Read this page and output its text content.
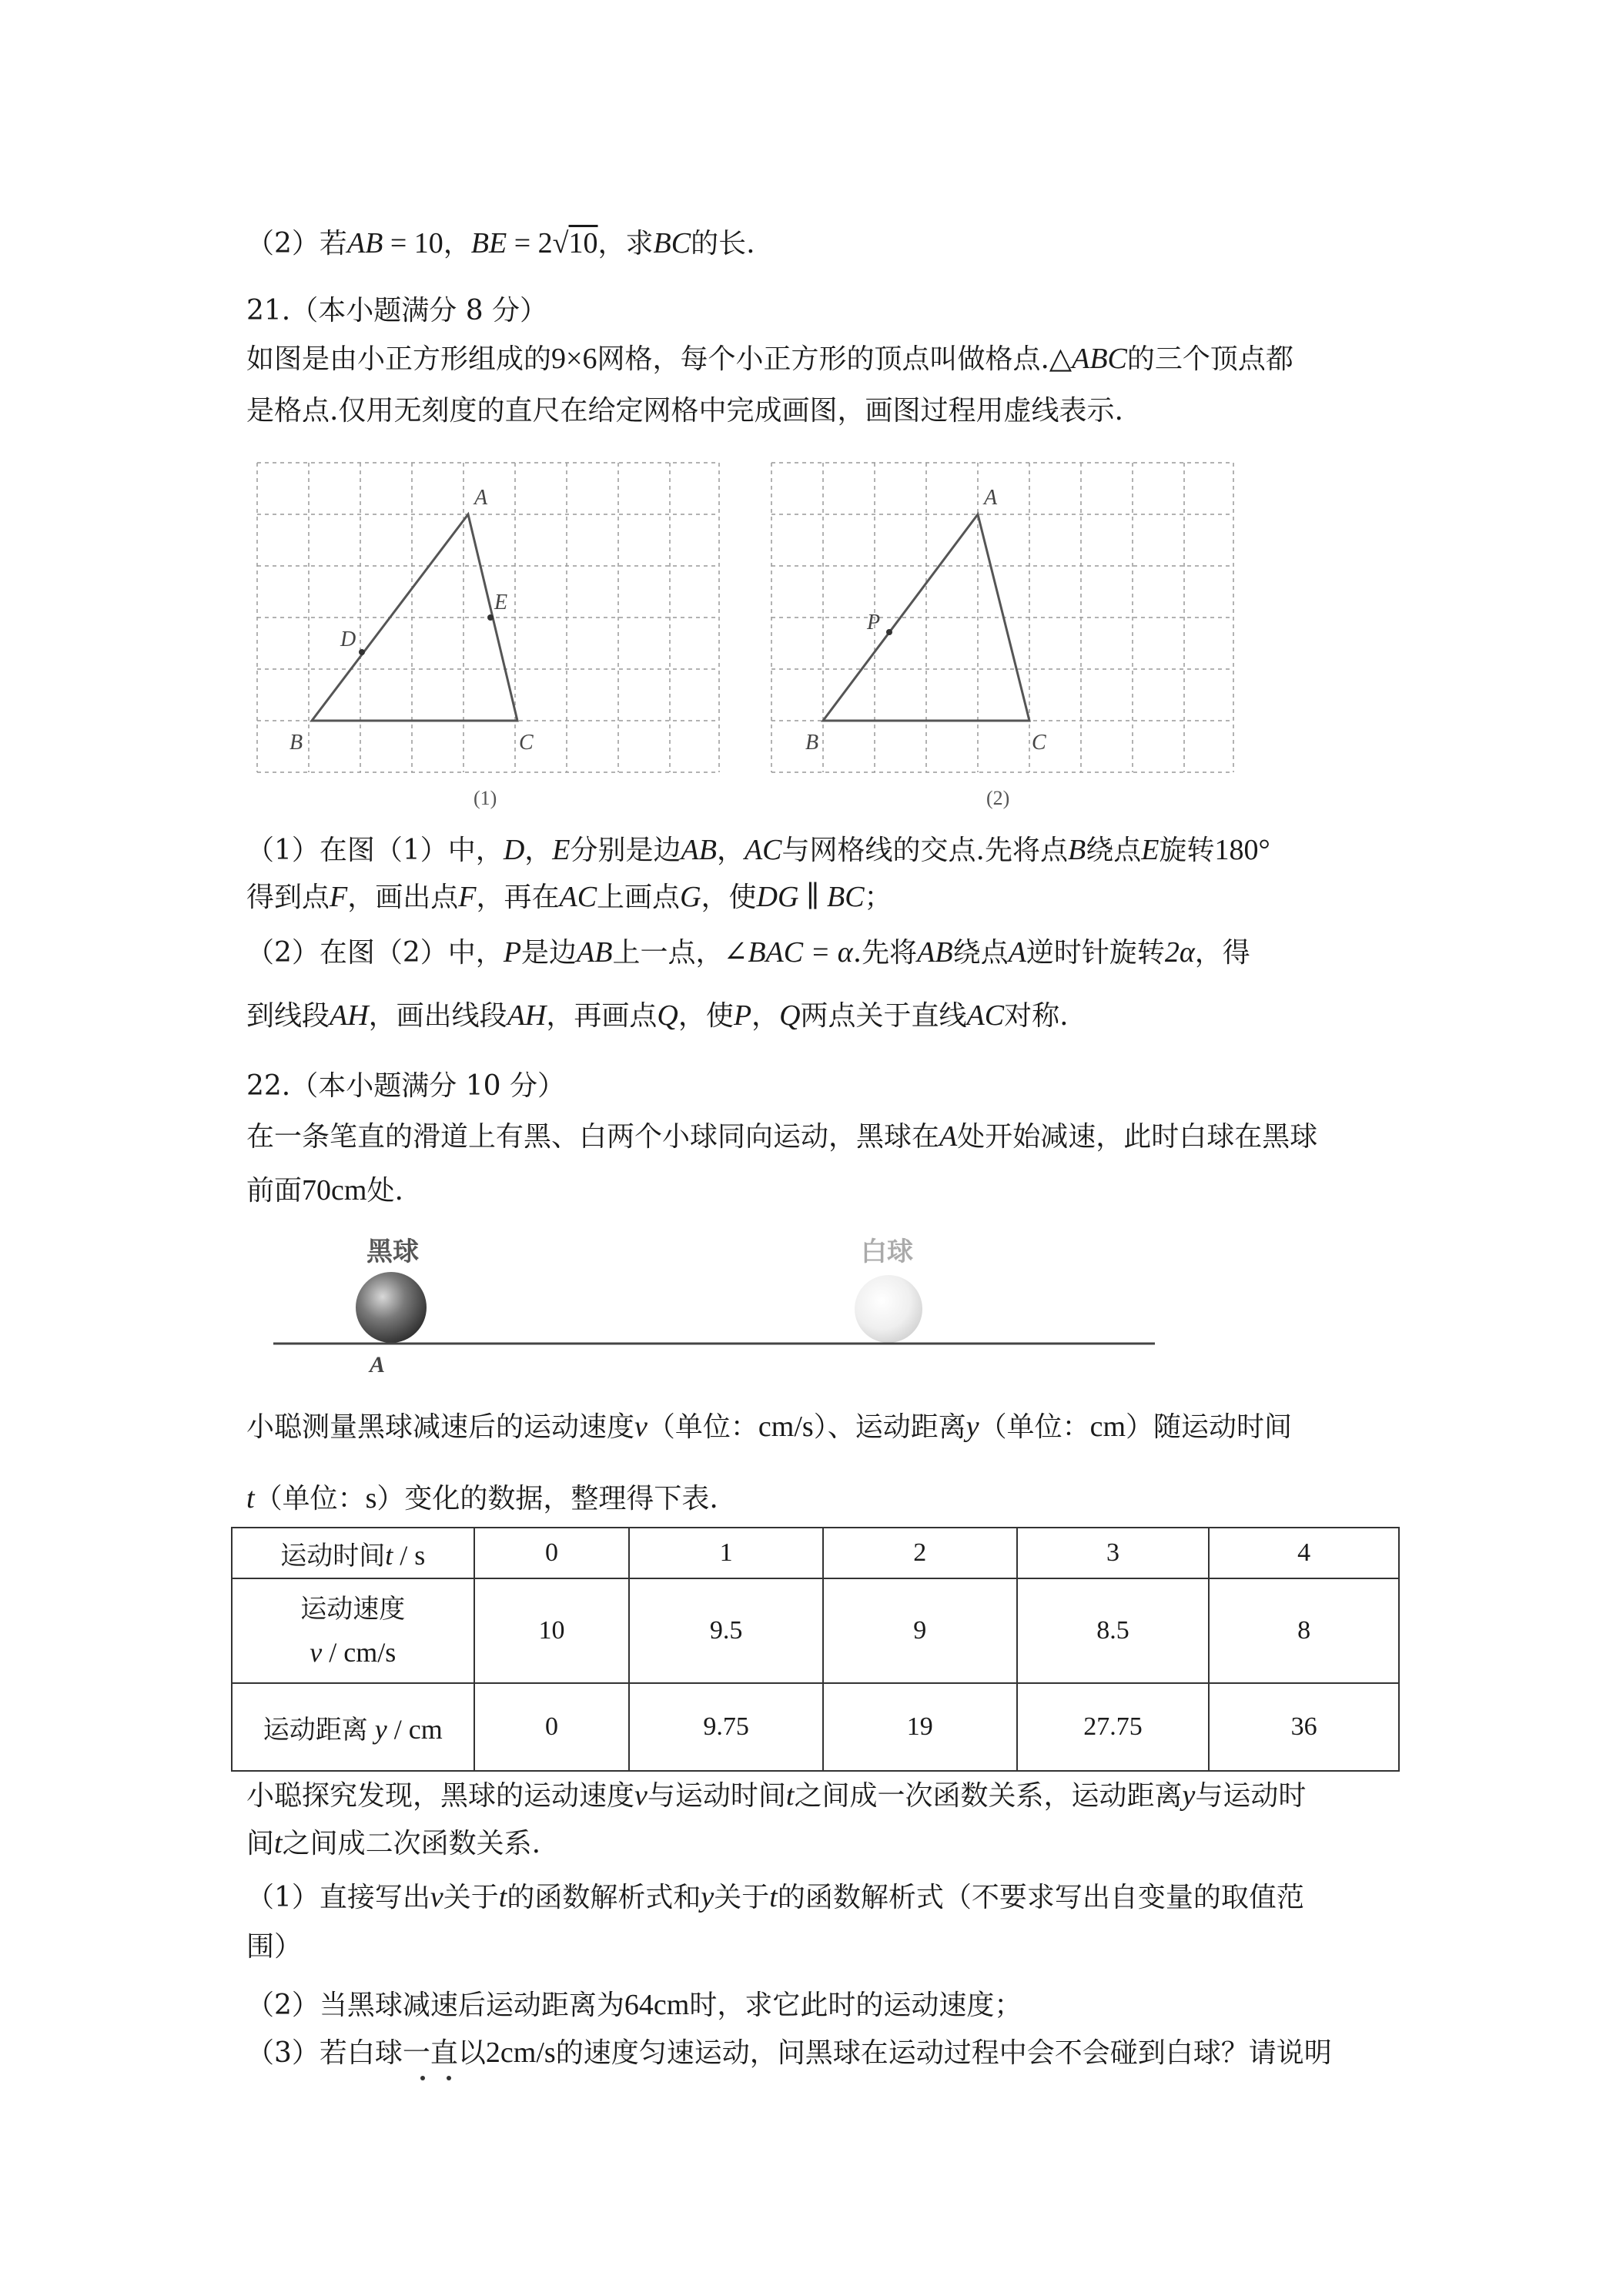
（2）若AB = 10，BE = 2√10，求BC的长.
21.（本小题满分 8 分）
如图是由小正方形组成的9×6网格，每个小正方形的顶点叫做格点.△ABC的三个顶点都
是格点.仅用无刻度的直尺在给定网格中完成画图，画图过程用虚线表示.
A
B	C
D
E
(1)
A
B	C
P
(2)
（1）在图（1）中，D，E分别是边AB，AC与网格线的交点.先将点B绕点E旋转180°
得到点F，画出点F，再在AC上画点G，使DG ∥ BC；
（2）在图（2）中，P是边AB上一点，∠BAC = α.先将AB绕点A逆时针旋转2α，得
到线段AH，画出线段AH，再画点Q，使P，Q两点关于直线AC对称.
22.（本小题满分 10 分）
在一条笔直的滑道上有黑、白两个小球同向运动，黑球在A处开始减速，此时白球在黑球
前面70cm处.
黑球	白球
A
小聪测量黑球减速后的运动速度v（单位：cm/s）、运动距离y（单位：cm）随运动时间
t（单位：s）变化的数据，整理得下表.
运动时间t / s	0	1	2	3	4
运动速度
v / cm/s	10	9.5	9	8.5	8
运动距离 y / cm	0	9.75	19	27.75	36
小聪探究发现，黑球的运动速度v与运动时间t之间成一次函数关系，运动距离y与运动时
间t之间成二次函数关系.
（1）直接写出v关于t的函数解析式和y关于t的函数解析式（不要求写出自变量的取值范
围）
（2）当黑球减速后运动距离为64cm时，求它此时的运动速度；
（3）若白球一直以2cm/s的速度匀速运动，问黑球在运动过程中会不会碰到白球？请说明
